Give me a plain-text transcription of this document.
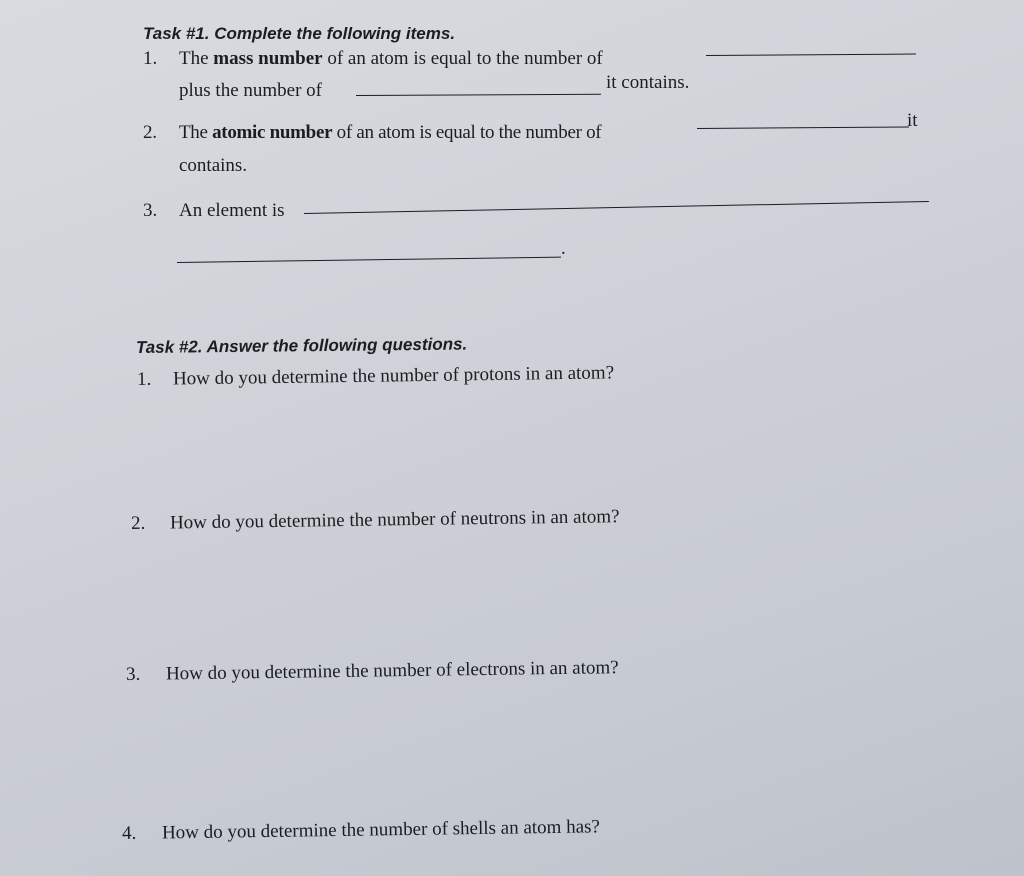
Task #1. Complete the following items.
1. The mass number of an atom is equal to the number of
plus the number of	it contains.
2. The atomic number of an atom is equal to the number of
it
contains.
3. An element is
.
Task #2. Answer the following questions.
1. How do you determine the number of protons in an atom?
2. How do you determine the number of neutrons in an atom?
3. How do you determine the number of electrons in an atom?
4. How do you determine the number of shells an atom has?
